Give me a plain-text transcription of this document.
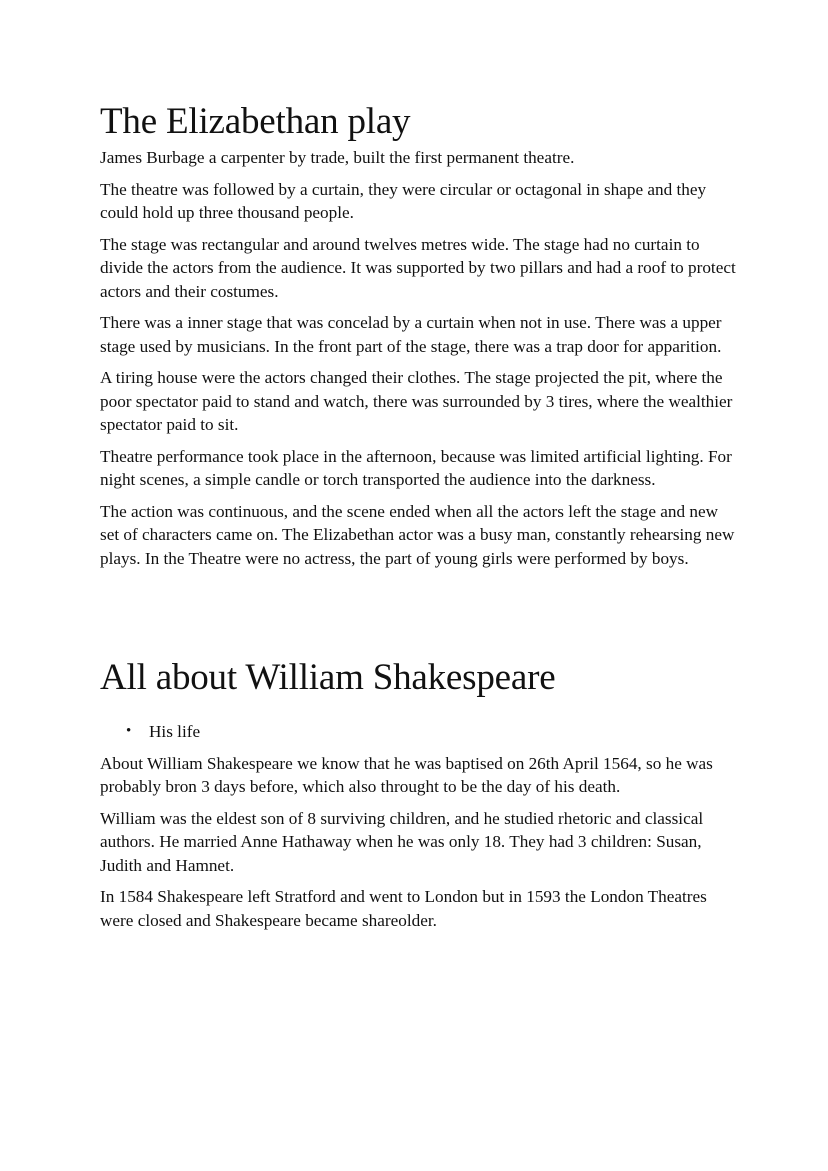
The Elizabethan play

James Burbage a carpenter by trade, built the first permanent theatre.

The theatre was followed by a curtain, they were circular or octagonal in shape and they could hold up three thousand people.

The stage was rectangular and around twelves metres wide. The stage had no curtain to divide the actors from the audience. It was supported by two pillars and had a roof to protect actors and their costumes.

There was a inner stage that was concelad by a curtain when not in use. There was a upper stage used by musicians. In the front part of the stage, there was a trap door for apparition.

A tiring house were the actors changed their clothes. The stage projected the pit, where the poor spectator paid to stand and watch, there was surrounded by 3 tires, where the wealthier spectator paid to sit.

Theatre performance took place in the afternoon, because was limited artificial lighting. For night scenes, a simple candle or torch transported the audience into the darkness.

The action was continuous, and the scene ended when all the actors left the stage and new set of characters came on. The Elizabethan actor was a busy man, constantly rehearsing new plays. In the Theatre were no actress, the part of young girls were performed by boys.

All about William Shakespeare
• His life

About William Shakespeare we know that he was baptised on 26th April 1564, so he was probably bron 3 days before, which also throught to be the day of his death.

William was the eldest son of 8 surviving children, and he studied rhetoric and classical authors. He married Anne Hathaway when he was only 18. They had 3 children: Susan, Judith and Hamnet.

In 1584 Shakespeare left Stratford and went to London but in 1593 the London Theatres were closed and Shakespeare became shareolder.
